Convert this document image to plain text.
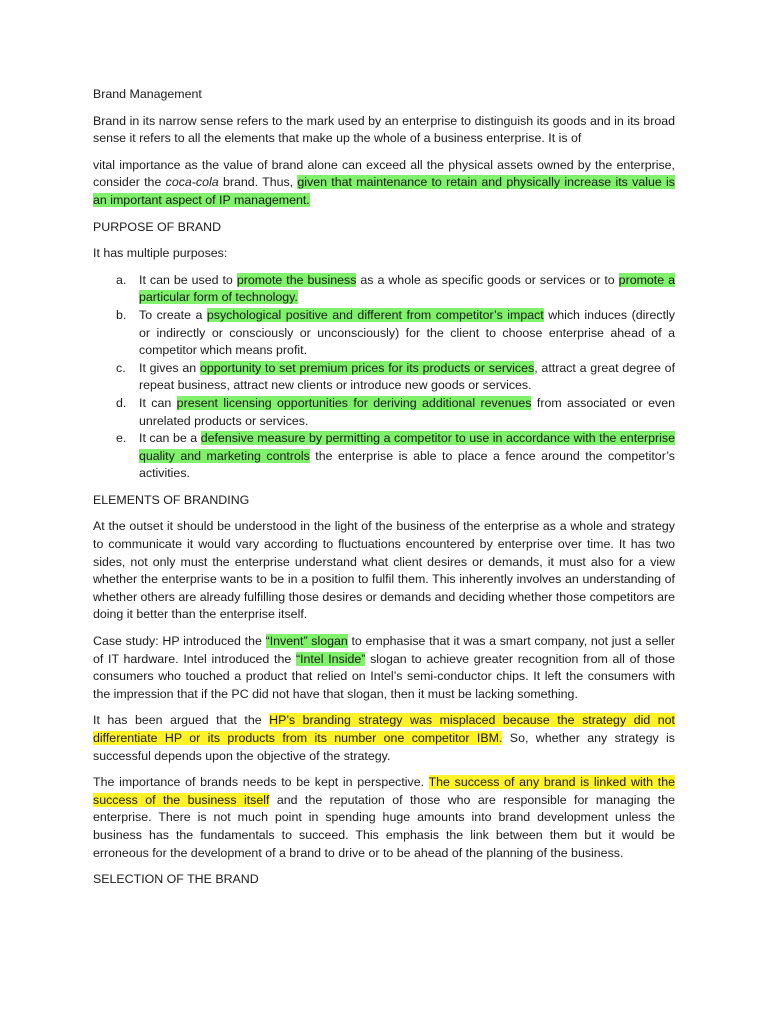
Brand Management

Brand in its narrow sense refers to the mark used by an enterprise to distinguish its goods and in its broad sense it refers to all the elements that make up the whole of a business enterprise. It is of

vital importance as the value of brand alone can exceed all the physical assets owned by the enterprise, consider the coca-cola brand. Thus, given that maintenance to retain and physically increase its value is an important aspect of IP management.

PURPOSE OF BRAND

It has multiple purposes:

a.	It can be used to promote the business as a whole as specific goods or services or to promote a particular form of technology.
b.	To create a psychological positive and different from competitor’s impact which induces (directly or indirectly or consciously or unconsciously) for the client to choose enterprise ahead of a competitor which means profit.
c.	It gives an opportunity to set premium prices for its products or services, attract a great degree of repeat business, attract new clients or introduce new goods or services.
d.	It can present licensing opportunities for deriving additional revenues from associated or even unrelated products or services.
e.	It can be a defensive measure by permitting a competitor to use in accordance with the enterprise quality and marketing controls the enterprise is able to place a fence around the competitor’s activities.

ELEMENTS OF BRANDING

At the outset it should be understood in the light of the business of the enterprise as a whole and strategy to communicate it would vary according to fluctuations encountered by enterprise over time. It has two sides, not only must the enterprise understand what client desires or demands, it must also for a view whether the enterprise wants to be in a position to fulfil them. This inherently involves an understanding of whether others are already fulfilling those desires or demands and deciding whether those competitors are doing it better than the enterprise itself.

Case study: HP introduced the “Invent” slogan to emphasise that it was a smart company, not just a seller of IT hardware. Intel introduced the “Intel Inside” slogan to achieve greater recognition from all of those consumers who touched a product that relied on Intel’s semi-conductor chips. It left the consumers with the impression that if the PC did not have that slogan, then it must be lacking something.

It has been argued that the HP’s branding strategy was misplaced because the strategy did not differentiate HP or its products from its number one competitor IBM. So, whether any strategy is successful depends upon the objective of the strategy.

The importance of brands needs to be kept in perspective. The success of any brand is linked with the success of the business itself and the reputation of those who are responsible for managing the enterprise. There is not much point in spending huge amounts into brand development unless the business has the fundamentals to succeed. This emphasis the link between them but it would be erroneous for the development of a brand to drive or to be ahead of the planning of the business.

SELECTION OF THE BRAND
